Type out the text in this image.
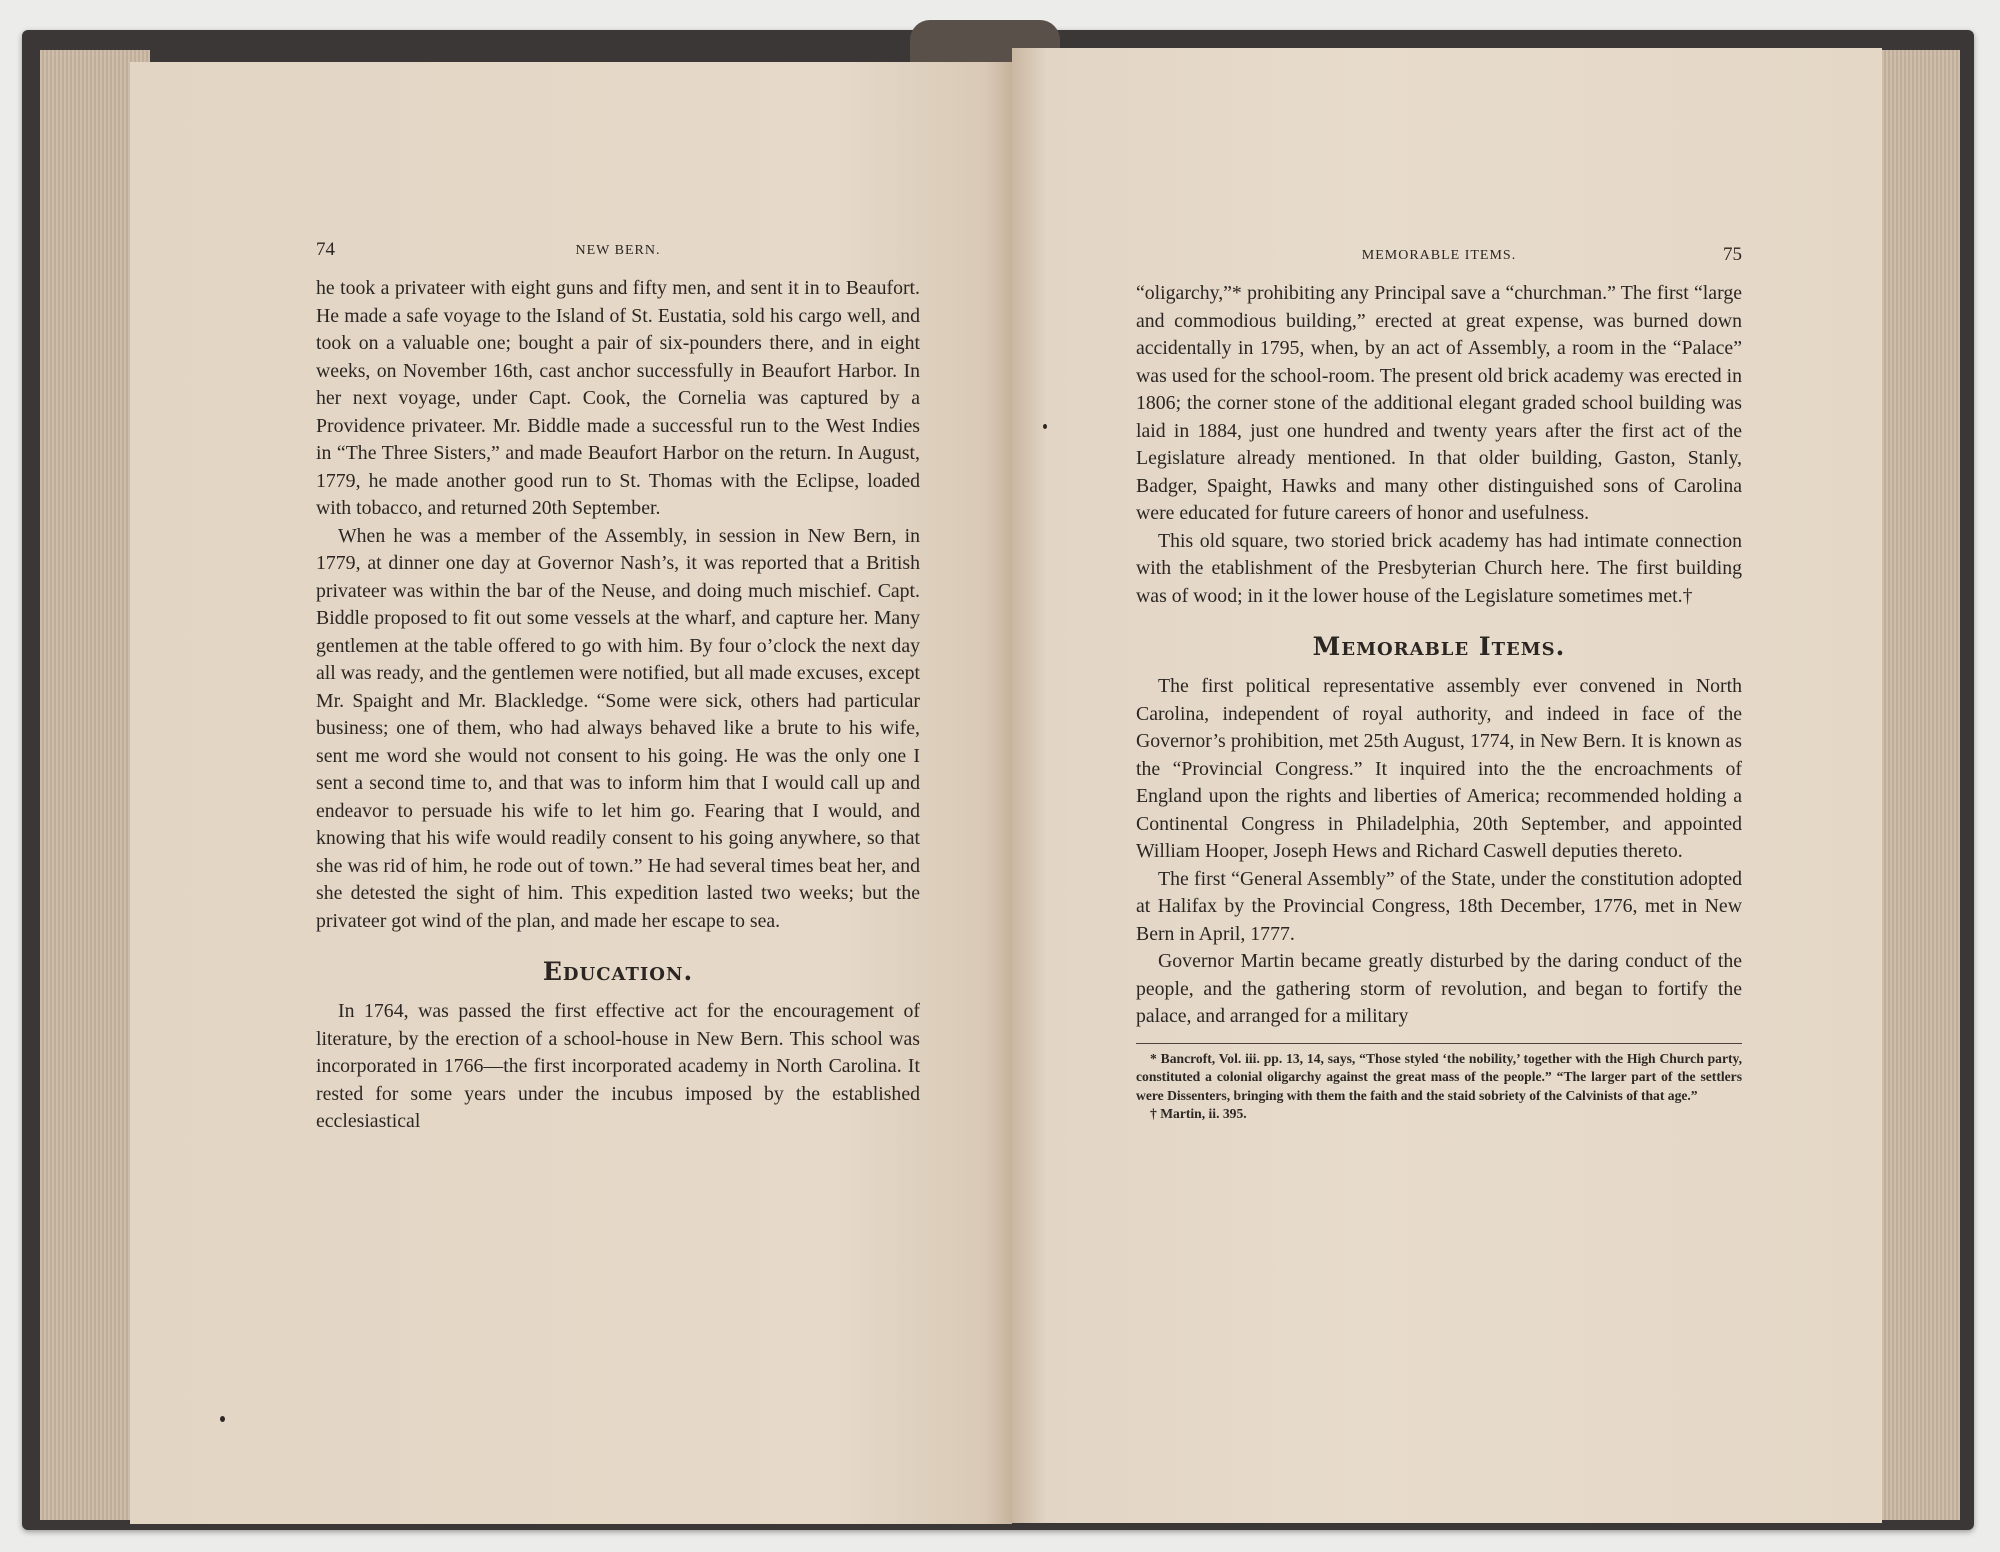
74	NEW BERN.

he took a privateer with eight guns and fifty men, and sent it in to Beaufort. He made a safe voyage to the Island of St. Eustatia, sold his cargo well, and took on a valuable one; bought a pair of six-pounders there, and in eight weeks, on November 16th, cast anchor successfully in Beaufort Harbor. In her next voyage, under Capt. Cook, the Cornelia was captured by a Providence privateer. Mr. Biddle made a successful run to the West Indies in “The Three Sisters,” and made Beaufort Harbor on the return. In August, 1779, he made another good run to St. Thomas with the Eclipse, loaded with tobacco, and returned 20th September.

When he was a member of the Assembly, in session in New Bern, in 1779, at dinner one day at Governor Nash’s, it was reported that a British privateer was within the bar of the Neuse, and doing much mischief. Capt. Biddle proposed to fit out some vessels at the wharf, and capture her. Many gentlemen at the table offered to go with him. By four o’clock the next day all was ready, and the gentlemen were notified, but all made excuses, except Mr. Spaight and Mr. Blackledge. “Some were sick, others had particular business; one of them, who had always behaved like a brute to his wife, sent me word she would not consent to his going. He was the only one I sent a second time to, and that was to inform him that I would call up and endeavor to persuade his wife to let him go. Fearing that I would, and knowing that his wife would readily consent to his going anywhere, so that she was rid of him, he rode out of town.” He had several times beat her, and she detested the sight of him. This expedition lasted two weeks; but the privateer got wind of the plan, and made her escape to sea.

Education.

In 1764, was passed the first effective act for the encouragement of literature, by the erection of a school-house in New Bern. This school was incorporated in 1766—the first incorporated academy in North Carolina. It rested for some years under the incubus imposed by the established ecclesiastical

MEMORABLE ITEMS.	75

“oligarchy,”* prohibiting any Principal save a “churchman.” The first “large and commodious building,” erected at great expense, was burned down accidentally in 1795, when, by an act of Assembly, a room in the “Palace” was used for the school-room. The present old brick academy was erected in 1806; the corner stone of the additional elegant graded school building was laid in 1884, just one hundred and twenty years after the first act of the Legislature already mentioned. In that older building, Gaston, Stanly, Badger, Spaight, Hawks and many other distinguished sons of Carolina were educated for future careers of honor and usefulness.

This old square, two storied brick academy has had intimate connection with the etablishment of the Presbyterian Church here. The first building was of wood; in it the lower house of the Legislature sometimes met.†

Memorable Items.

The first political representative assembly ever convened in North Carolina, independent of royal authority, and indeed in face of the Governor’s prohibition, met 25th August, 1774, in New Bern. It is known as the “Provincial Congress.” It inquired into the the encroachments of England upon the rights and liberties of America; recommended holding a Continental Congress in Philadelphia, 20th September, and appointed William Hooper, Joseph Hews and Richard Caswell deputies thereto.

The first “General Assembly” of the State, under the constitution adopted at Halifax by the Provincial Congress, 18th December, 1776, met in New Bern in April, 1777.

Governor Martin became greatly disturbed by the daring conduct of the people, and the gathering storm of revolution, and began to fortify the palace, and arranged for a military

* Bancroft, Vol. iii. pp. 13, 14, says, “Those styled ‘the nobility,’ together with the High Church party, constituted a colonial oligarchy against the great mass of the people.” “The larger part of the settlers were Dissenters, bringing with them the faith and the staid sobriety of the Calvinists of that age.”

† Martin, ii. 395.
